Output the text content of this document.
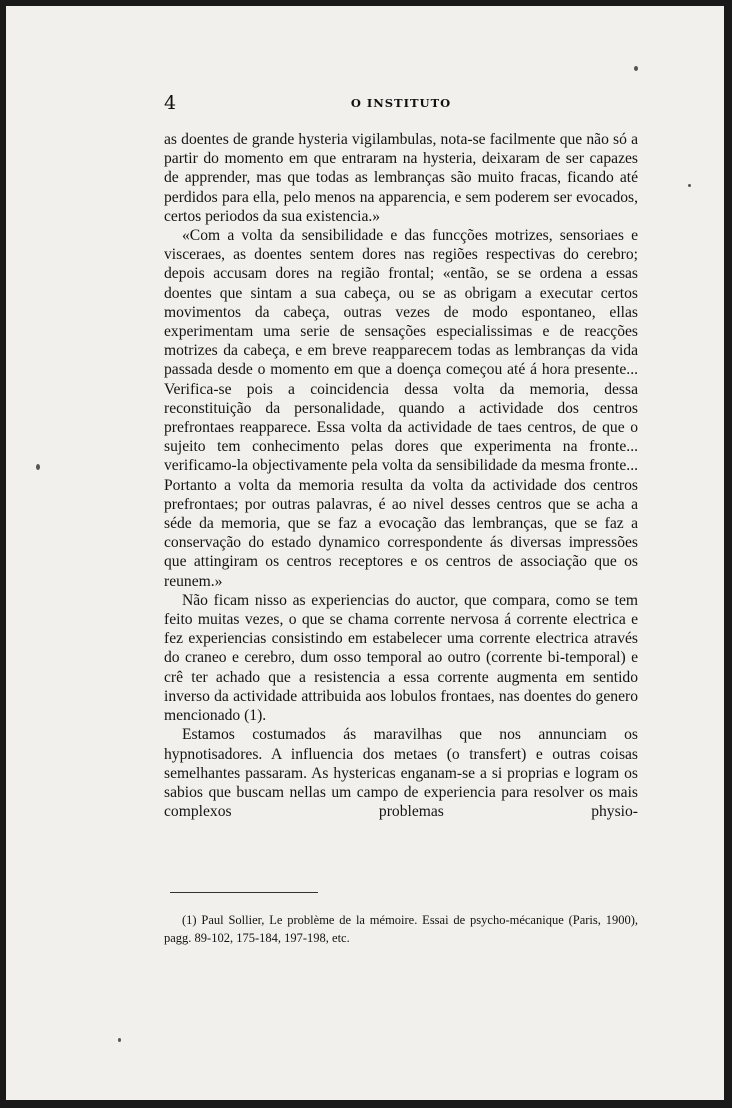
4	O INSTITUTO

as doentes de grande hysteria vigilambulas, nota-se facilmente que não só a partir do momento em que entraram na hysteria, deixaram de ser capazes de apprender, mas que todas as lembranças são muito fracas, ficando até perdidos para ella, pelo menos na apparencia, e sem poderem ser evocados, certos periodos da sua existencia.»

«Com a volta da sensibilidade e das funcções motrizes, sensoriaes e visceraes, as doentes sentem dores nas regiões respectivas do cerebro; depois accusam dores na região frontal; «então, se se ordena a essas doentes que sintam a sua cabeça, ou se as obrigam a executar certos movimentos da cabeça, outras vezes de modo espontaneo, ellas experimentam uma serie de sensações especialissimas e de reacções motrizes da cabeça, e em breve reapparecem todas as lembranças da vida passada desde o momento em que a doença começou até á hora presente... Verifica-se pois a coincidencia dessa volta da memoria, dessa reconstituição da personalidade, quando a actividade dos centros prefrontaes reapparece. Essa volta da actividade de taes centros, de que o sujeito tem conhecimento pelas dores que experimenta na fronte... verificamo-la objectivamente pela volta da sensibilidade da mesma fronte... Portanto a volta da memoria resulta da volta da actividade dos centros prefrontaes; por outras palavras, é ao nivel desses centros que se acha a séde da memoria, que se faz a evocação das lembranças, que se faz a conservação do estado dynamico correspondente ás diversas impressões que attingiram os centros receptores e os centros de associação que os reunem.»

Não ficam nisso as experiencias do auctor, que compara, como se tem feito muitas vezes, o que se chama corrente nervosa á corrente electrica e fez experiencias consistindo em estabelecer uma corrente electrica através do craneo e cerebro, dum osso temporal ao outro (corrente bi-temporal) e crê ter achado que a resistencia a essa corrente augmenta em sentido inverso da actividade attribuida aos lobulos frontaes, nas doentes do genero mencionado (1).

Estamos costumados ás maravilhas que nos annunciam os hypnotisadores. A influencia dos metaes (o transfert) e outras coisas semelhantes passaram. As hystericas enganam-se a si proprias e logram os sabios que buscam nellas um campo de experiencia para resolver os mais complexos problemas physio-

(1) Paul Sollier, Le problème de la mémoire. Essai de psycho-mécanique (Paris, 1900), pagg. 89-102, 175-184, 197-198, etc.
